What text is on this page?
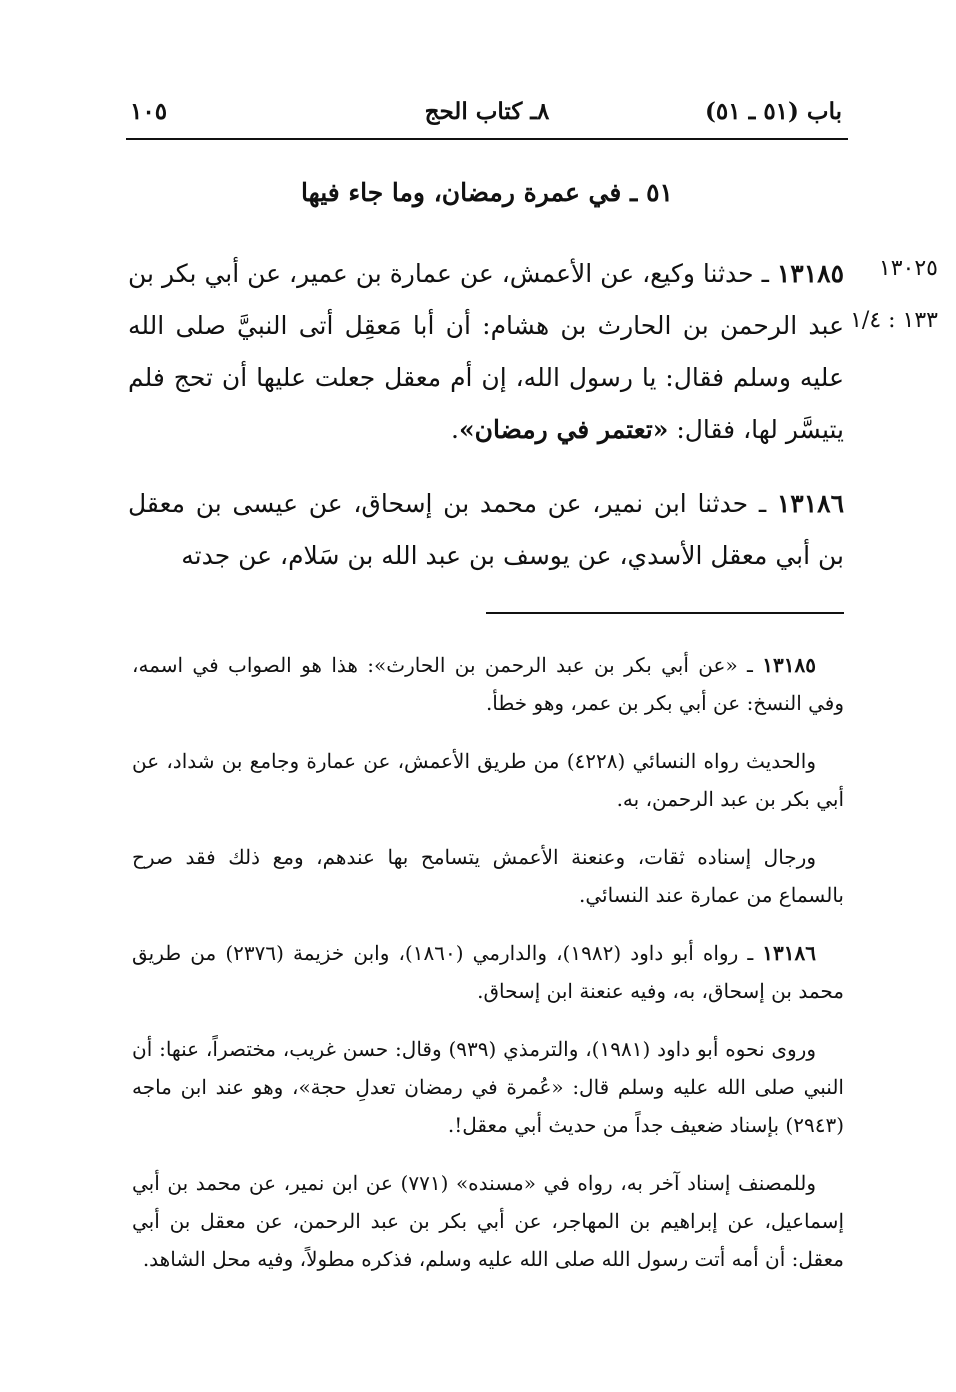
باب (٥١ ـ ٥١)
٨ـ كتاب الحج
١٠٥
٥١ ـ في عمرة رمضان، وما جاء فيها
١٣٠٢٥
١٣٣ : ١/٤
١٣١٨٥ ـ حدثنا وكيع، عن الأعمش، عن عمارة بن عمير، عن أبي بكر بن عبد الرحمن بن الحارث بن هشام: أن أبا مَعقِل أتى النبيَّ صلى الله عليه وسلم فقال: يا رسول الله، إن أم معقل جعلت عليها أن تحج فلم يتيسَّر لها، فقال: «تعتمر في رمضان».
١٣١٨٦ ـ حدثنا ابن نمير، عن محمد بن إسحاق، عن عيسى بن معقل بن أبي معقل الأسدي، عن يوسف بن عبد الله بن سَلام، عن جدته

١٣١٨٥ ـ «عن أبي بكر بن عبد الرحمن بن الحارث»: هذا هو الصواب في اسمه، وفي النسخ: عن أبي بكر بن عمر، وهو خطأ.

والحديث رواه النسائي (٤٢٢٨) من طريق الأعمش، عن عمارة وجامع بن شداد، عن أبي بكر بن عبد الرحمن، به.

ورجال إسناده ثقات، وعنعنة الأعمش يتسامح بها عندهم، ومع ذلك فقد صرح بالسماع من عمارة عند النسائي.

١٣١٨٦ ـ رواه أبو داود (١٩٨٢)، والدارمي (١٨٦٠)، وابن خزيمة (٢٣٧٦) من طريق محمد بن إسحاق، به، وفيه عنعنة ابن إسحاق.

وروى نحوه أبو داود (١٩٨١)، والترمذي (٩٣٩) وقال: حسن غريب، مختصراً، عنها: أن النبي صلى الله عليه وسلم قال: «عُمرة في رمضان تعدلِ حجة»، وهو عند ابن ماجه (٢٩٤٣) بإسناد ضعيف جداً من حديث أبي معقل!.

وللمصنف إسناد آخر به، رواه في «مسنده» (٧٧١) عن ابن نمير، عن محمد بن أبي إسماعيل، عن إبراهيم بن المهاجر، عن أبي بكر بن عبد الرحمن، عن معقل بن أبي معقل: أن أمه أتت رسول الله صلى الله عليه وسلم، فذكره مطولاً، وفيه محل الشاهد.
